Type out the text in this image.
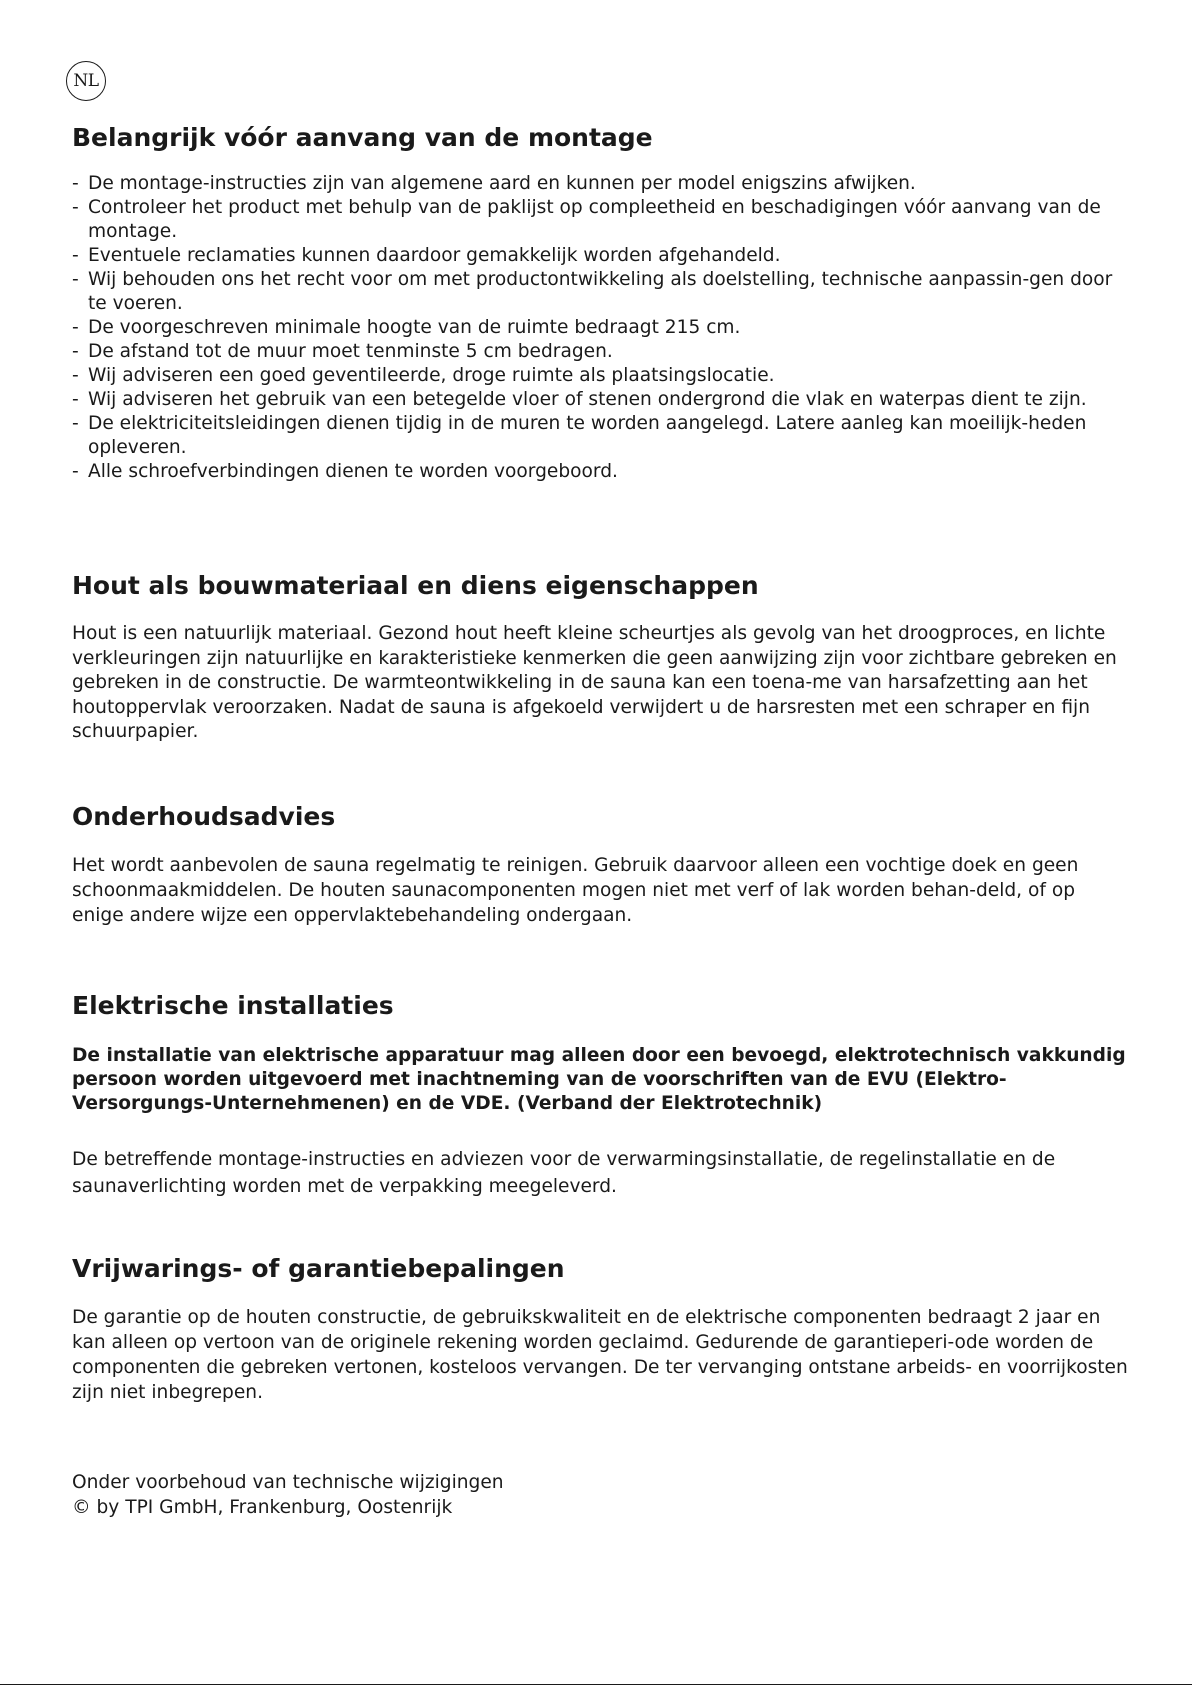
NL
Belangrijk vóór aanvang van de montage
- De montage-instructies zijn van algemene aard en kunnen per model enigszins afwijken.
- Controleer het product met behulp van de paklijst op compleetheid en beschadigingen vóór aanvang van de montage.
- Eventuele reclamaties kunnen daardoor gemakkelijk worden afgehandeld.
- Wij behouden ons het recht voor om met productontwikkeling als doelstelling, technische aanpassin-gen door te voeren.
- De voorgeschreven minimale hoogte van de ruimte bedraagt 215 cm.
- De afstand tot de muur moet tenminste 5 cm bedragen.
- Wij adviseren een goed geventileerde, droge ruimte als plaatsingslocatie.
- Wij adviseren het gebruik van een betegelde vloer of stenen ondergrond die vlak en waterpas dient te zijn.
- De elektriciteitsleidingen dienen tijdig in de muren te worden aangelegd. Latere aanleg kan moeilijk-heden opleveren.
- Alle schroefverbindingen dienen te worden voorgeboord.
Hout als bouwmateriaal en diens eigenschappen

Hout is een natuurlijk materiaal. Gezond hout heeft kleine scheurtjes als gevolg van het droogproces, en lichte verkleuringen zijn natuurlijke en karakteristieke kenmerken die geen aanwijzing zijn voor zichtbare gebreken en gebreken in de constructie. De warmteontwikkeling in de sauna kan een toena-me van harsafzetting aan het houtoppervlak veroorzaken. Nadat de sauna is afgekoeld verwijdert u de harsresten met een schraper en fijn schuurpapier.

Onderhoudsadvies

Het wordt aanbevolen de sauna regelmatig te reinigen. Gebruik daarvoor alleen een vochtige doek en geen schoonmaakmiddelen. De houten saunacomponenten mogen niet met verf of lak worden behan-deld, of op enige andere wijze een oppervlaktebehandeling ondergaan.

Elektrische installaties

De installatie van elektrische apparatuur mag alleen door een bevoegd, elektrotechnisch vakkundig persoon worden uitgevoerd met inachtneming van de voorschriften van de EVU (Elektro-Versorgungs-Unternehmenen) en de VDE. (Verband der Elektrotechnik)

De betreffende montage-instructies en adviezen voor de verwarmingsinstallatie, de regelinstallatie en de saunaverlichting worden met de verpakking meegeleverd.

Vrijwarings- of garantiebepalingen

De garantie op de houten constructie, de gebruikskwaliteit en de elektrische componenten bedraagt 2 jaar en kan alleen op vertoon van de originele rekening worden geclaimd. Gedurende de garantieperi-ode worden de componenten die gebreken vertonen, kosteloos vervangen. De ter vervanging ontstane arbeids- en voorrijkosten zijn niet inbegrepen.

Onder voorbehoud van technische wijzigingen

© by TPI GmbH, Frankenburg, Oostenrijk
